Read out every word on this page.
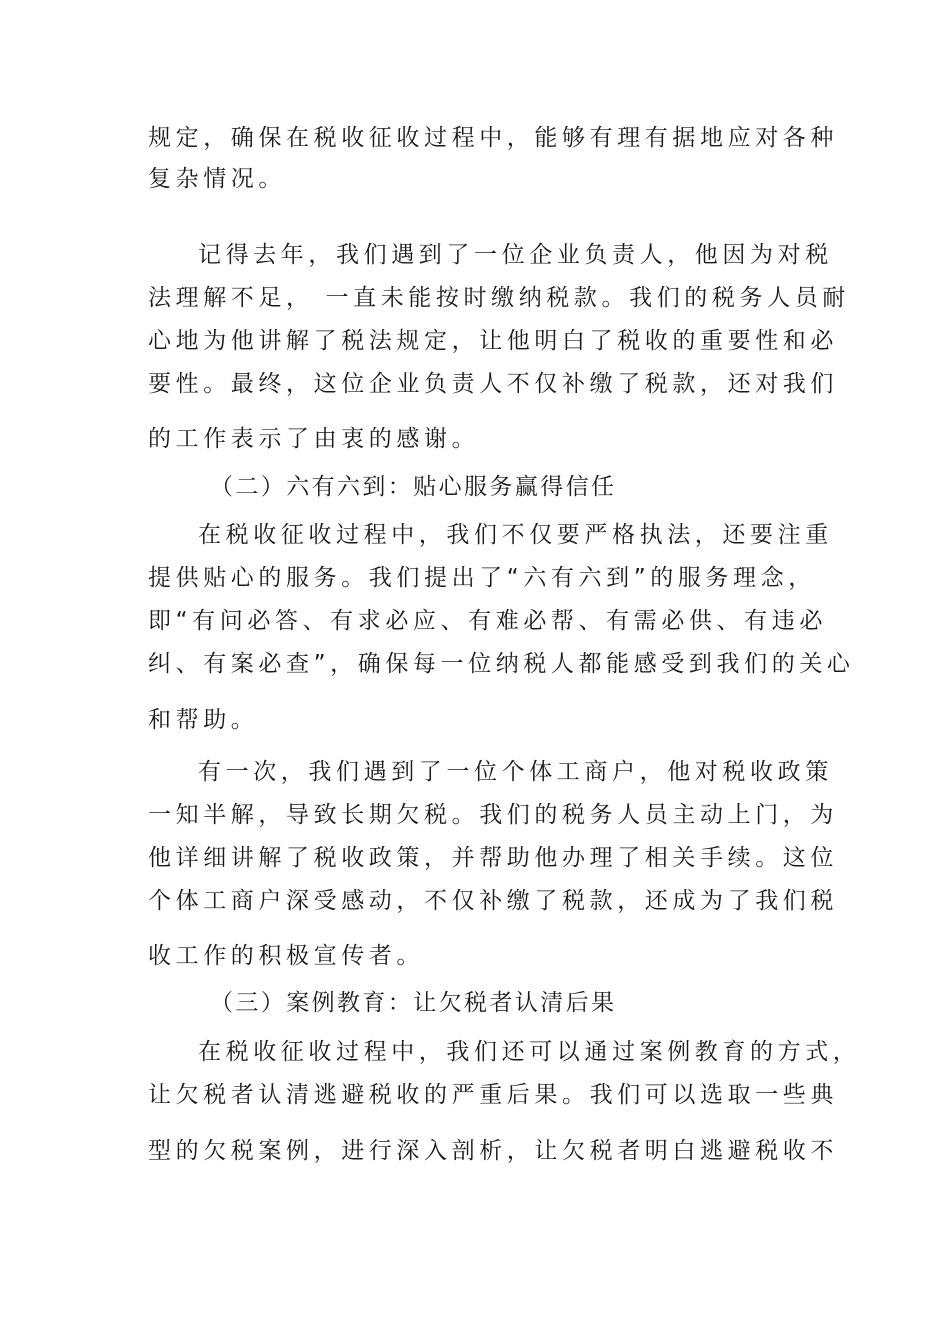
规定，确保在税收征收过程中，能够有理有据地应对各种
复杂情况。
记得去年，我们遇到了一位企业负责人，他因为对税
法理解不足， 一直未能按时缴纳税款。我们的税务人员耐
心地为他讲解了税法规定，让他明白了税收的重要性和必
要性。最终，这位企业负责人不仅补缴了税款，还对我们
的工作表示了由衷的感谢。
（二）六有六到：贴心服务赢得信任
在税收征收过程中，我们不仅要严格执法，还要注重
提供贴心的服务。我们提出了“六有六到”的服务理念，
即“有问必答、有求必应、有难必帮、有需必供、有违必
纠、有案必查”，确保每一位纳税人都能感受到我们的关心
和帮助。
有一次，我们遇到了一位个体工商户，他对税收政策
一知半解，导致长期欠税。我们的税务人员主动上门，为
他详细讲解了税收政策，并帮助他办理了相关手续。这位
个体工商户深受感动，不仅补缴了税款，还成为了我们税
收工作的积极宣传者。
（三）案例教育：让欠税者认清后果
在税收征收过程中，我们还可以通过案例教育的方式，
让欠税者认清逃避税收的严重后果。我们可以选取一些典
型的欠税案例，进行深入剖析，让欠税者明白逃避税收不
